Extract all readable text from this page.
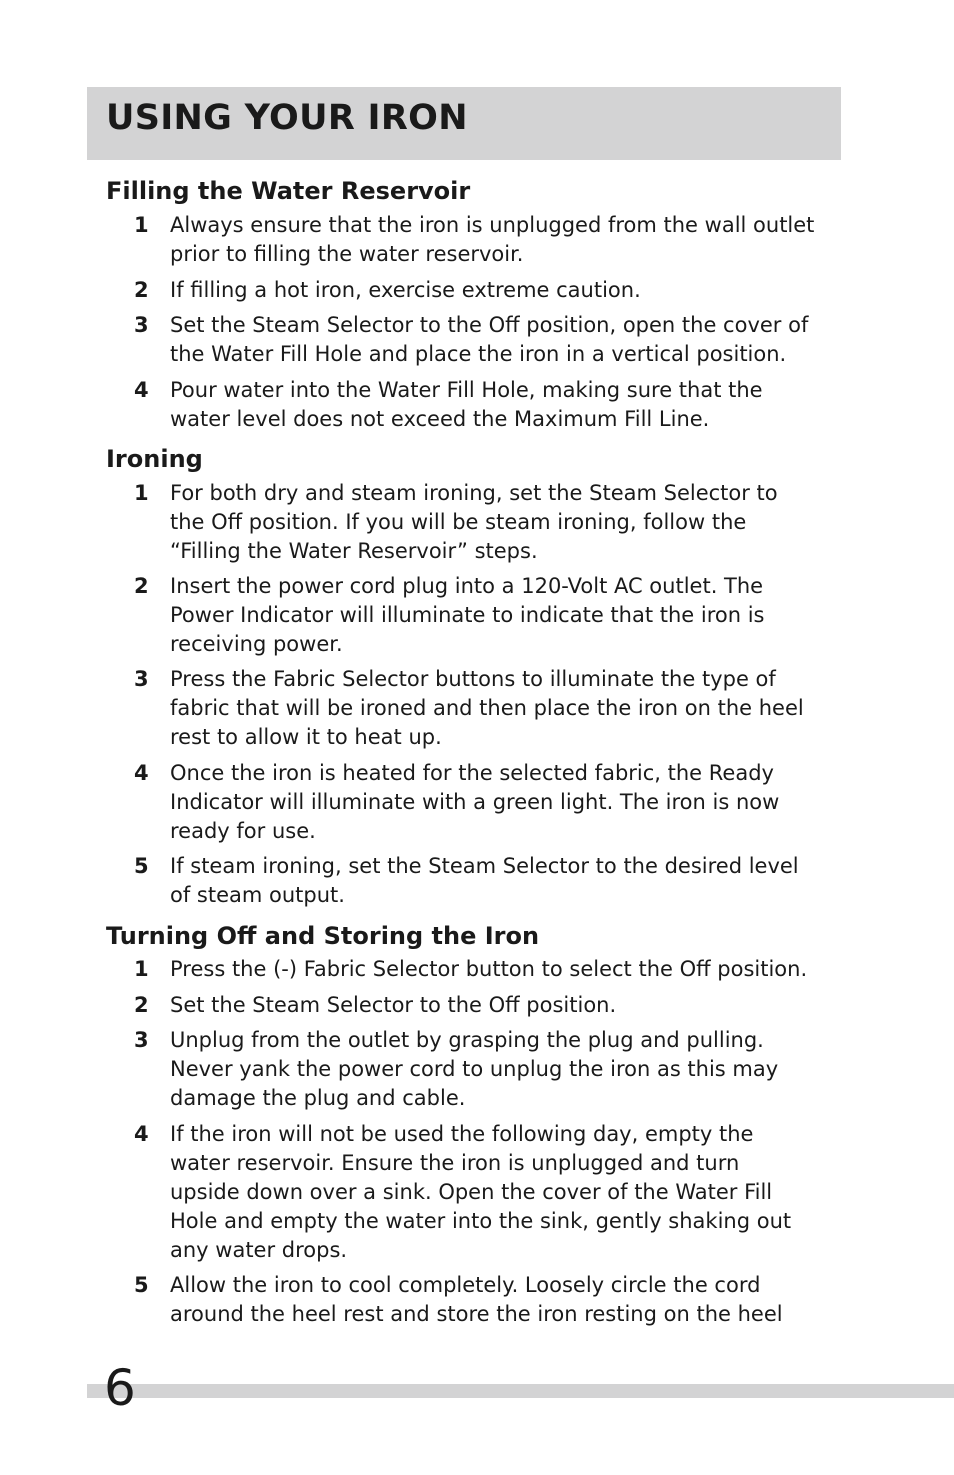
USING YOUR IRON
Filling the Water Reservoir
1 Always ensure that the iron is unplugged from the wall outlet
prior to filling the water reservoir.
2 If filling a hot iron, exercise extreme caution.
3 Set the Steam Selector to the Off position, open the cover of
the Water Fill Hole and place the iron in a vertical position.
4 Pour water into the Water Fill Hole, making sure that the
water level does not exceed the Maximum Fill Line.
Ironing
1 For both dry and steam ironing, set the Steam Selector to
the Off position. If you will be steam ironing, follow the
“Filling the Water Reservoir” steps.
2 Insert the power cord plug into a 120-Volt AC outlet. The
Power Indicator will illuminate to indicate that the iron is
receiving power.
3 Press the Fabric Selector buttons to illuminate the type of
fabric that will be ironed and then place the iron on the heel
rest to allow it to heat up.
4 Once the iron is heated for the selected fabric, the Ready
Indicator will illuminate with a green light. The iron is now
ready for use.
5 If steam ironing, set the Steam Selector to the desired level
of steam output.
Turning Off and Storing the Iron
1 Press the (-) Fabric Selector button to select the Off position.
2 Set the Steam Selector to the Off position.
3 Unplug from the outlet by grasping the plug and pulling.
Never yank the power cord to unplug the iron as this may
damage the plug and cable.
4 If the iron will not be used the following day, empty the
water reservoir. Ensure the iron is unplugged and turn
upside down over a sink. Open the cover of the Water Fill
Hole and empty the water into the sink, gently shaking out
any water drops.
5 Allow the iron to cool completely. Loosely circle the cord
around the heel rest and store the iron resting on the heel
6
